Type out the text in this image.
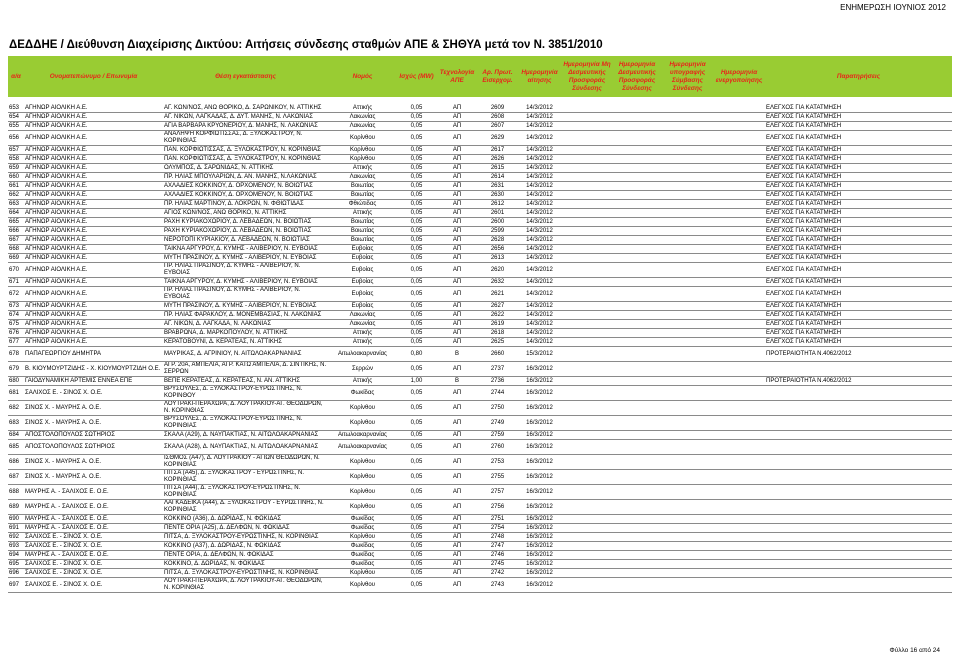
ΕΝΗΜΕΡΩΣΗ ΙΟΥΝΙΟΣ 2012
ΔΕΔΔΗΕ / Διεύθυνση Διαχείρισης Δικτύου: Αιτήσεις σύνδεσης σταθμών ΑΠΕ & ΣΗΘΥΑ μετά τον Ν. 3851/2010
α/α	Ονοματεπώνυμο / Επωνυμία	Θέση εγκατάστασης	Νομός	Ισχύς (MW)	Τεχνολογία ΑΠΕ	Αρ. Πρωτ. Εισερχομ.	Ημερομηνία αίτησης	Ημερομηνία Μη Δεσμευτικής Προσφοράς Σύνδεσης	Ημερομηνία Δεσμευτικής Προσφοράς Σύνδεσης	Ημερομηνία υπογραφής Σύμβασης Σύνδεσης	Ημερομηνία ενεργοποίησης	Παρατηρήσεις

653	ΑΓΗΝΩΡ ΑΙΟΛΙΚΗ Α.Ε.	ΑΓ. ΚΩΝ/ΝΟΣ, ΑΝΩ ΘΟΡΙΚΟ, Δ. ΣΑΡΩΝΙΚΟΥ, Ν. ΑΤΤΙΚΗΣ	Αττικής	0,05	ΑΠ	2609	14/3/2012					ΕΛΕΓΧΟΣ ΓΙΑ ΚΑΤΑΤΜΗΣΗ
654	ΑΓΗΝΩΡ ΑΙΟΛΙΚΗ Α.Ε.	ΑΓ. ΝΙΚΩΝ, ΛΑΓΚΑΔΑΣ, Δ. ΔΥΤ. ΜΑΝΗΣ, Ν. ΛΑΚΩΝΙΑΣ	Λακωνίας	0,05	ΑΠ	2608	14/3/2012					ΕΛΕΓΧΟΣ ΓΙΑ ΚΑΤΑΤΜΗΣΗ
655	ΑΓΗΝΩΡ ΑΙΟΛΙΚΗ Α.Ε.	ΑΓΙΑ ΒΑΡΒΑΡΑ ΚΡΥΟΝΕΡΙΟΥ, Δ. ΜΑΝΗΣ, Ν. ΛΑΚΩΝΙΑΣ	Λακωνίας	0,05	ΑΠ	2607	14/3/2012					ΕΛΕΓΧΟΣ ΓΙΑ ΚΑΤΑΤΜΗΣΗ
656	ΑΓΗΝΩΡ ΑΙΟΛΙΚΗ Α.Ε.	ΑΝΑΛΗΨΗ ΚΟΡΦΙΩΤΙΣΣΑΣ, Δ. ΞΥΛΟΚΑΣΤΡΟΥ, Ν. ΚΟΡΙΝΘΙΑΣ	Κορίνθου	0,05	ΑΠ	2629	14/3/2012					ΕΛΕΓΧΟΣ ΓΙΑ ΚΑΤΑΤΜΗΣΗ
657	ΑΓΗΝΩΡ ΑΙΟΛΙΚΗ Α.Ε.	ΠΑΝ. ΚΟΡΦΙΩΤΙΣΣΑΣ, Δ. ΞΥΛΟΚΑΣΤΡΟΥ, Ν. ΚΟΡΙΝΘΙΑΣ	Κορίνθου	0,05	ΑΠ	2617	14/3/2012					ΕΛΕΓΧΟΣ ΓΙΑ ΚΑΤΑΤΜΗΣΗ
658	ΑΓΗΝΩΡ ΑΙΟΛΙΚΗ Α.Ε.	ΠΑΝ. ΚΟΡΦΙΩΤΙΣΣΑΣ, Δ. ΞΥΛΟΚΑΣΤΡΟΥ, Ν. ΚΟΡΙΝΘΙΑΣ	Κορίνθου	0,05	ΑΠ	2626	14/3/2012					ΕΛΕΓΧΟΣ ΓΙΑ ΚΑΤΑΤΜΗΣΗ
659	ΑΓΗΝΩΡ ΑΙΟΛΙΚΗ Α.Ε.	ΟΛΥΜΠΟΣ, Δ. ΣΑΡΩΝΙΔΑΣ, Ν. ΑΤΤΙΚΗΣ	Αττικής	0,05	ΑΠ	2615	14/3/2012					ΕΛΕΓΧΟΣ ΓΙΑ ΚΑΤΑΤΜΗΣΗ
660	ΑΓΗΝΩΡ ΑΙΟΛΙΚΗ Α.Ε.	ΠΡ. ΗΛΙΑΣ ΜΠΟΥΛΑΡΙΩΝ, Δ. ΑΝ. ΜΑΝΗΣ, Ν.ΛΑΚΩΝΙΑΣ	Λακωνίας	0,05	ΑΠ	2614	14/3/2012					ΕΛΕΓΧΟΣ ΓΙΑ ΚΑΤΑΤΜΗΣΗ
661	ΑΓΗΝΩΡ ΑΙΟΛΙΚΗ Α.Ε.	ΑΧΛΑΔΙΕΣ ΚΟΚΚΙΝΟΥ, Δ. ΟΡΧΟΜΕΝΟΥ, Ν. ΒΟΙΩΤΙΑΣ	Βοιωτίας	0,05	ΑΠ	2631	14/3/2012					ΕΛΕΓΧΟΣ ΓΙΑ ΚΑΤΑΤΜΗΣΗ
662	ΑΓΗΝΩΡ ΑΙΟΛΙΚΗ Α.Ε.	ΑΧΛΑΔΙΕΣ ΚΟΚΚΙΝΟΥ, Δ. ΟΡΧΟΜΕΝΟΥ, Ν. ΒΟΙΩΤΙΑΣ	Βοιωτίας	0,05	ΑΠ	2630	14/3/2012					ΕΛΕΓΧΟΣ ΓΙΑ ΚΑΤΑΤΜΗΣΗ
663	ΑΓΗΝΩΡ ΑΙΟΛΙΚΗ Α.Ε.	ΠΡ. ΗΛΙΑΣ ΜΑΡΤΙΝΟΥ, Δ. ΛΟΚΡΩΝ, Ν. ΦΘΙΩΤΙΔΑΣ	Φθιώτιδας	0,05	ΑΠ	2612	14/3/2012					ΕΛΕΓΧΟΣ ΓΙΑ ΚΑΤΑΤΜΗΣΗ
664	ΑΓΗΝΩΡ ΑΙΟΛΙΚΗ Α.Ε.	ΑΓΙΟΣ ΚΩΝ/ΝΟΣ, ΑΝΩ ΘΟΡΙΚΟ, Ν. ΑΤΤΙΚΗΣ	Αττικής	0,05	ΑΠ	2601	14/3/2012					ΕΛΕΓΧΟΣ ΓΙΑ ΚΑΤΑΤΜΗΣΗ
665	ΑΓΗΝΩΡ ΑΙΟΛΙΚΗ Α.Ε.	ΡΑΧΗ ΚΥΡΙΑΚΟΧΩΡΙΟΥ, Δ. ΛΕΒΑΔΕΩΝ, Ν. ΒΟΙΩΤΙΑΣ	Βοιωτίας	0,05	ΑΠ	2600	14/3/2012					ΕΛΕΓΧΟΣ ΓΙΑ ΚΑΤΑΤΜΗΣΗ
666	ΑΓΗΝΩΡ ΑΙΟΛΙΚΗ Α.Ε.	ΡΑΧΗ ΚΥΡΙΑΚΟΧΩΡΙΟΥ, Δ. ΛΕΒΑΔΕΩΝ, Ν. ΒΟΙΩΤΙΑΣ	Βοιωτίας	0,05	ΑΠ	2599	14/3/2012					ΕΛΕΓΧΟΣ ΓΙΑ ΚΑΤΑΤΜΗΣΗ
667	ΑΓΗΝΩΡ ΑΙΟΛΙΚΗ Α.Ε.	ΝΕΡΟΤΟΠΙ ΚΥΡΙΑΚΙΟΥ, Δ. ΛΕΒΑΔΕΩΝ, Ν. ΒΟΙΩΤΙΑΣ	Βοιωτίας	0,05	ΑΠ	2628	14/3/2012					ΕΛΕΓΧΟΣ ΓΙΑ ΚΑΤΑΤΜΗΣΗ
668	ΑΓΗΝΩΡ ΑΙΟΛΙΚΗ Α.Ε.	ΤΑΙΚΝΑ ΑΡΓΥΡΟΥ, Δ. ΚΥΜΗΣ - ΑΛΙΒΕΡΙΟΥ, Ν. ΕΥΒΟΙΑΣ	Ευβοίας	0,05	ΑΠ	2656	14/3/2012					ΕΛΕΓΧΟΣ ΓΙΑ ΚΑΤΑΤΜΗΣΗ
669	ΑΓΗΝΩΡ ΑΙΟΛΙΚΗ Α.Ε.	ΜΥΤΗ ΠΡΑΣΙΝΟΥ, Δ. ΚΥΜΗΣ - ΑΛΙΒΕΡΙΟΥ, Ν. ΕΥΒΟΙΑΣ	Ευβοίας	0,05	ΑΠ	2613	14/3/2012					ΕΛΕΓΧΟΣ ΓΙΑ ΚΑΤΑΤΜΗΣΗ
670	ΑΓΗΝΩΡ ΑΙΟΛΙΚΗ Α.Ε.	ΠΡ. ΗΛΙΑΣ ΠΡΑΣΙΝΟΥ, Δ. ΚΥΜΗΣ - ΑΛΙΒΕΡΙΟΥ, Ν. ΕΥΒΟΙΑΣ	Ευβοίας	0,05	ΑΠ	2620	14/3/2012					ΕΛΕΓΧΟΣ ΓΙΑ ΚΑΤΑΤΜΗΣΗ
671	ΑΓΗΝΩΡ ΑΙΟΛΙΚΗ Α.Ε.	ΤΑΙΚΝΑ ΑΡΓΥΡΟΥ, Δ. ΚΥΜΗΣ - ΑΛΙΒΕΡΙΟΥ, Ν. ΕΥΒΟΙΑΣ	Ευβοίας	0,05	ΑΠ	2632	14/3/2012					ΕΛΕΓΧΟΣ ΓΙΑ ΚΑΤΑΤΜΗΣΗ
672	ΑΓΗΝΩΡ ΑΙΟΛΙΚΗ Α.Ε.	ΠΡ. ΗΛΙΑΣ ΠΡΑΣΙΝΟΥ, Δ. ΚΥΜΗΣ - ΑΛΙΒΕΡΙΟΥ, Ν. ΕΥΒΟΙΑΣ	Ευβοίας	0,05	ΑΠ	2621	14/3/2012					ΕΛΕΓΧΟΣ ΓΙΑ ΚΑΤΑΤΜΗΣΗ
673	ΑΓΗΝΩΡ ΑΙΟΛΙΚΗ Α.Ε.	ΜΥΤΗ ΠΡΑΣΙΝΟΥ, Δ. ΚΥΜΗΣ - ΑΛΙΒΕΡΙΟΥ, Ν. ΕΥΒΟΙΑΣ	Ευβοίας	0,05	ΑΠ	2627	14/3/2012					ΕΛΕΓΧΟΣ ΓΙΑ ΚΑΤΑΤΜΗΣΗ
674	ΑΓΗΝΩΡ ΑΙΟΛΙΚΗ Α.Ε.	ΠΡ. ΗΛΙΑΣ ΦΑΡΑΚΛΟΥ, Δ. ΜΟΝΕΜΒΑΣΙΑΣ, Ν. ΛΑΚΩΝΙΑΣ	Λακωνίας	0,05	ΑΠ	2622	14/3/2012					ΕΛΕΓΧΟΣ ΓΙΑ ΚΑΤΑΤΜΗΣΗ
675	ΑΓΗΝΩΡ ΑΙΟΛΙΚΗ Α.Ε.	ΑΓ. ΝΙΚΩΝ, Δ. ΛΑΓΚΑΔΑ, Ν. ΛΑΚΩΝΙΑΣ	Λακωνίας	0,05	ΑΠ	2619	14/3/2012					ΕΛΕΓΧΟΣ ΓΙΑ ΚΑΤΑΤΜΗΣΗ
676	ΑΓΗΝΩΡ ΑΙΟΛΙΚΗ Α.Ε.	ΒΡΑΒΡΩΝΑ, Δ. ΜΑΡΚΟΠΟΥΛΟΥ, Ν. ΑΤΤΙΚΗΣ	Αττικής	0,05	ΑΠ	2618	14/3/2012					ΕΛΕΓΧΟΣ ΓΙΑ ΚΑΤΑΤΜΗΣΗ
677	ΑΓΗΝΩΡ ΑΙΟΛΙΚΗ Α.Ε.	ΚΕΡΑΤΟΒΟΥΝΙ, Δ. ΚΕΡΑΤΕΑΣ, Ν. ΑΤΤΙΚΗΣ	Αττικής	0,05	ΑΠ	2625	14/3/2012					ΕΛΕΓΧΟΣ ΓΙΑ ΚΑΤΑΤΜΗΣΗ
678	ΠΑΠΑΓΕΩΡΓΙΟΥ ΔΗΜΗΤΡΑ	ΜΑΥΡΙΚΑΣ, Δ. ΑΓΡΙΝΙΟΥ, Ν. ΑΙΤΩΛΟΑΚΑΡΝΑΝΙΑΣ	Αιτωλοακαρνανίας	0,80	Β	2660	15/3/2012					ΠΡΟΤΕΡΑΙΟΤΗΤΑ Ν.4062/2012
679	Β. ΚΙΟΥΜΟΥΡΤΖΙΔΗΣ - Χ. ΚΙΟΥΜΟΥΡΤΖΙΔΗ Ο.Ε.	ΑΓΡ. 20Α, ΑΜΠΕΛΙΑ, ΑΓΡ. ΚΑΤΩ ΑΜΠΕΛΙΑ, Δ. ΣΙΝΤΙΚΗΣ, Ν. ΣΕΡΡΩΝ	Σερρών	0,05	ΑΠ	2737	16/3/2012					
680	ΓΑΙΟΔΥΝΑΜΙΚΗ ΑΡΤΕΜΙΣ ΕΝΝΕΑ ΕΠΕ	ΒΕΠΕ ΚΕΡΑΤΕΑΣ, Δ. ΚΕΡΑΤΕΑΣ, Ν. ΑΝ. ΑΤΤΙΚΗΣ	Αττικής	1,00	Β	2736	16/3/2012					ΠΡΟΤΕΡΑΙΟΤΗΤΑ Ν.4062/2012
681	ΣΑΛΙΧΟΣ Ε. - ΣΙΝΟΣ Χ. Ο.Ε.	ΒΡΥΣΟΥΛΕΣ, Δ. ΞΥΛΟΚΑΣΤΡΟΥ-ΕΥΡΩΣΤΙΝΗΣ, Ν. ΚΟΡΙΝΘΟΥ	Φωκίδας	0,05	ΑΠ	2744	16/3/2012					
682	ΣΙΝΟΣ Χ. - ΜΑΥΡΗΣ Α. Ο.Ε.	ΛΟΥΤΡΑΚΙ-ΠΕΡΑΧΩΡΑ, Δ. ΛΟΥΤΡΑΚΙΟΥ-ΑΓ. ΘΕΟΔΩΡΩΝ, Ν. ΚΟΡΙΝΘΙΑΣ	Κορίνθου	0,05	ΑΠ	2750	16/3/2012					
683	ΣΙΝΟΣ Χ. - ΜΑΥΡΗΣ Α. Ο.Ε.	ΒΡΥΣΟΥΛΕΣ, Δ. ΞΥΛΟΚΑΣΤΡΟΥ-ΕΥΡΩΣΤΙΝΗΣ, Ν. ΚΟΡΙΝΘΙΑΣ	Κορίνθου	0,05	ΑΠ	2749	16/3/2012					
684	ΑΠΟΣΤΟΛΟΠΟΥΛΟΣ ΣΩΤΗΡΙΟΣ	ΣΚΑΛΑ (Α29), Δ. ΝΑΥΠΑΚΤΙΑΣ, Ν. ΑΙΤΩΛΟΑΚΑΡΝΑΝΙΑΣ	Αιτωλοακαρνανίας	0,05	ΑΠ	2759	16/3/2012					
685	ΑΠΟΣΤΟΛΟΠΟΥΛΟΣ ΣΩΤΗΡΙΟΣ	ΣΚΑΛΑ (Α28), Δ. ΝΑΥΠΑΚΤΙΑΣ, Ν. ΑΙΤΩΛΟΑΚΑΡΝΑΝΙΑΣ	Αιτωλοακαρνανίας	0,05	ΑΠ	2760	16/3/2012					
686	ΣΙΝΟΣ Χ. - ΜΑΥΡΗΣ Α. Ο.Ε.	ΙΣΘΜΟΣ (Α47), Δ. ΛΟΥΤΡΑΚΙΟΥ - ΑΓΙΩΝ ΘΕΟΔΩΡΩΝ, Ν. ΚΟΡΙΝΘΙΑΣ	Κορίνθου	0,05	ΑΠ	2753	16/3/2012					
687	ΣΙΝΟΣ Χ. - ΜΑΥΡΗΣ Α. Ο.Ε.	ΠΙΤΣΑ (Α45), Δ. ΞΥΛΟΚΑΣΤΡΟΥ - ΕΥΡΩΣΤΙΝΗΣ, Ν. ΚΟΡΙΝΘΙΑΣ	Κορίνθου	0,05	ΑΠ	2755	16/3/2012					
688	ΜΑΥΡΗΣ Α. - ΣΑΛΙΧΟΣ Ε. Ο.Ε.	ΠΙΤΣΑ (Α44), Δ. ΞΥΛΟΚΑΣΤΡΟΥ-ΕΥΡΩΣΤΙΝΗΣ, Ν. ΚΟΡΙΝΘΙΑΣ	Κορίνθου	0,05	ΑΠ	2757	16/3/2012					
689	ΜΑΥΡΗΣ Α. - ΣΑΛΙΧΟΣ Ε. Ο.Ε.	ΛΑΓΚΑΔΕΪΚΑ (Α44), Δ. ΞΥΛΟΚΑΣΤΡΟΥ - ΕΥΡΩΣΤΙΝΗΣ, Ν. ΚΟΡΙΝΘΙΑΣ	Κορίνθου	0,05	ΑΠ	2756	16/3/2012					
690	ΜΑΥΡΗΣ Α. - ΣΑΛΙΧΟΣ Ε. Ο.Ε.	ΚΟΚΚΙΝΟ (Α36), Δ. ΔΩΡΙΔΑΣ, Ν. ΦΩΚΙΔΑΣ	Φωκίδας	0,05	ΑΠ	2751	16/3/2012					
691	ΜΑΥΡΗΣ Α. - ΣΑΛΙΧΟΣ Ε. Ο.Ε.	ΠΕΝΤΕ ΟΡΙΑ (Α25), Δ. ΔΕΛΦΩΝ, Ν. ΦΩΚΙΔΑΣ	Φωκίδας	0,05	ΑΠ	2754	16/3/2012					
692	ΣΑΛΙΧΟΣ Ε. - ΣΙΝΟΣ Χ. Ο.Ε.	ΠΙΤΣΑ, Δ. ΞΥΛΟΚΑΣΤΡΟΥ-ΕΥΡΩΣΤΙΝΗΣ, Ν. ΚΟΡΙΝΘΙΑΣ	Κορίνθου	0,05	ΑΠ	2748	16/3/2012					
693	ΣΑΛΙΧΟΣ Ε. - ΣΙΝΟΣ Χ. Ο.Ε.	ΚΟΚΚΙΝΟ (Α37), Δ. ΔΩΡΙΔΑΣ, Ν. ΦΩΚΙΔΑΣ	Φωκίδας	0,05	ΑΠ	2747	16/3/2012					
694	ΜΑΥΡΗΣ Α. - ΣΑΛΙΧΟΣ Ε. Ο.Ε.	ΠΕΝΤΕ ΟΡΙΑ, Δ. ΔΕΛΦΩΝ, Ν. ΦΩΚΙΔΑΣ	Φωκίδας	0,05	ΑΠ	2746	16/3/2012					
695	ΣΑΛΙΧΟΣ Ε. - ΣΙΝΟΣ Χ. Ο.Ε.	ΚΟΚΚΙΝΟ, Δ. ΔΩΡΙΔΑΣ, Ν. ΦΩΚΙΔΑΣ	Φωκίδας	0,05	ΑΠ	2745	16/3/2012					
696	ΣΑΛΙΧΟΣ Ε. - ΣΙΝΟΣ Χ. Ο.Ε.	ΠΙΤΣΑ, Δ. ΞΥΛΟΚΑΣΤΡΟΥ-ΕΥΡΩΣΤΙΝΗΣ, Ν. ΚΟΡΙΝΘΙΑΣ	Κορίνθου	0,05	ΑΠ	2742	16/3/2012					
697	ΣΑΛΙΧΟΣ Ε. - ΣΙΝΟΣ Χ. Ο.Ε.	ΛΟΥΤΡΑΚΙ-ΠΕΡΑΧΩΡΑ, Δ. ΛΟΥΤΡΑΚΙΟΥ-ΑΓ. ΘΕΟΔΩΡΩΝ, Ν. ΚΟΡΙΝΘΙΑΣ	Κορίνθου	0,05	ΑΠ	2743	16/3/2012					
Φύλλο 16 από 24
